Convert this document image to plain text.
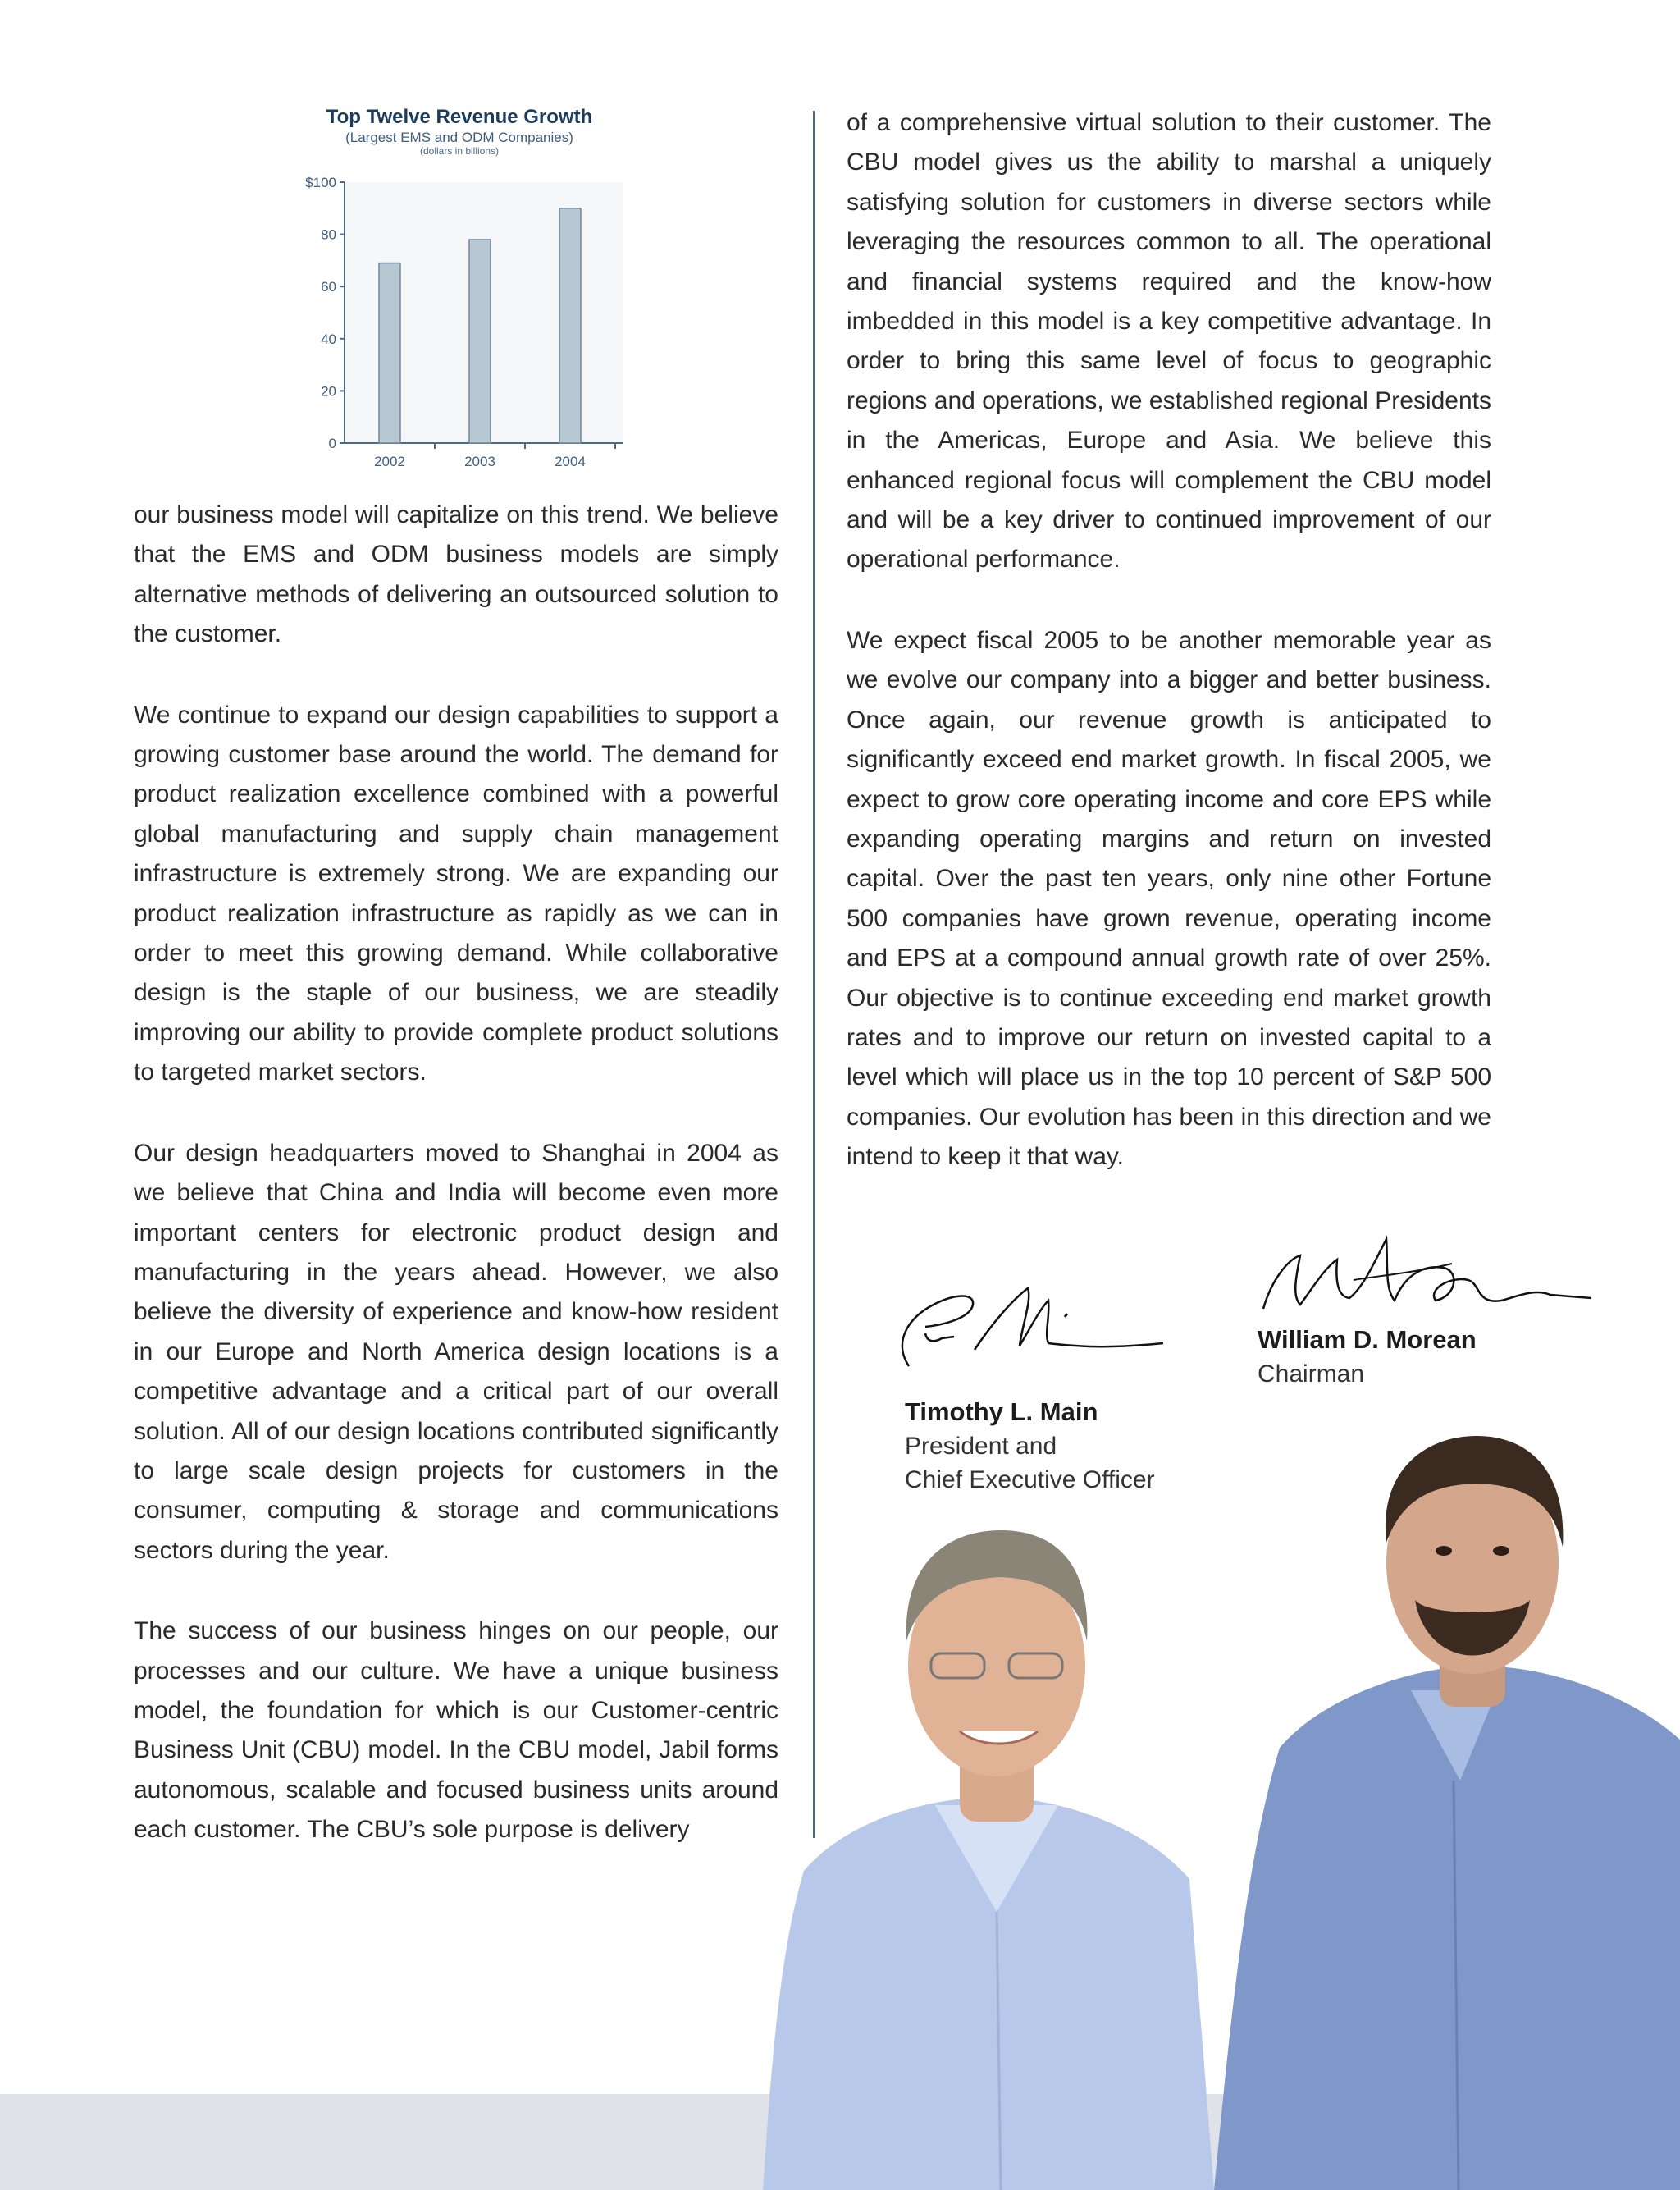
Top Twelve Revenue Growth
(Largest EMS and ODM Companies)
(dollars in billions)
$100
80
60
40
20
0
2002	2003	2004

our business model will capitalize on this trend. We believe that the EMS and ODM business models are simply alternative methods of delivering an outsourced solution to the customer.

We continue to expand our design capabilities to support a growing customer base around the world. The demand for product realization excellence combined with a powerful global manufacturing and supply chain management infrastructure is extremely strong. We are expanding our product realization infrastructure as rapidly as we can in order to meet this growing demand. While collaborative design is the staple of our business, we are steadily improving our ability to provide complete product solutions to targeted market sectors.

Our design headquarters moved to Shanghai in 2004 as we believe that China and India will become even more important centers for electronic product design and manufacturing in the years ahead. However, we also believe the diversity of experience and know-how resident in our Europe and North America design locations is a competitive advantage and a critical part of our overall solution. All of our design locations contributed significantly to large scale design projects for customers in the consumer, computing & storage and communications sectors during the year.

The success of our business hinges on our people, our processes and our culture. We have a unique business model, the foundation for which is our Customer-centric Business Unit (CBU) model. In the CBU model, Jabil forms autonomous, scalable and focused business units around each customer. The CBU’s sole purpose is delivery

of a comprehensive virtual solution to their customer. The CBU model gives us the ability to marshal a uniquely satisfying solution for customers in diverse sectors while leveraging the resources common to all. The operational and financial systems required and the know-how imbedded in this model is a key competitive advantage. In order to bring this same level of focus to geographic regions and operations, we established regional Presidents in the Americas, Europe and Asia. We believe this enhanced regional focus will complement the CBU model and will be a key driver to continued improvement of our operational performance.

We expect fiscal 2005 to be another memorable year as we evolve our company into a bigger and better business. Once again, our revenue growth is anticipated to significantly exceed end market growth. In fiscal 2005, we expect to grow core operating income and core EPS while expanding operating margins and return on invested capital. Over the past ten years, only nine other Fortune 500 companies have grown revenue, operating income and EPS at a compound annual growth rate of over 25%. Our objective is to continue exceeding end market growth rates and to improve our return on invested capital to a level which will place us in the top 10 percent of S&P 500 companies. Our evolution has been in this direction and we intend to keep it that way.

Timothy L. Main
President and
Chief Executive Officer
William D. Morean
Chairman
